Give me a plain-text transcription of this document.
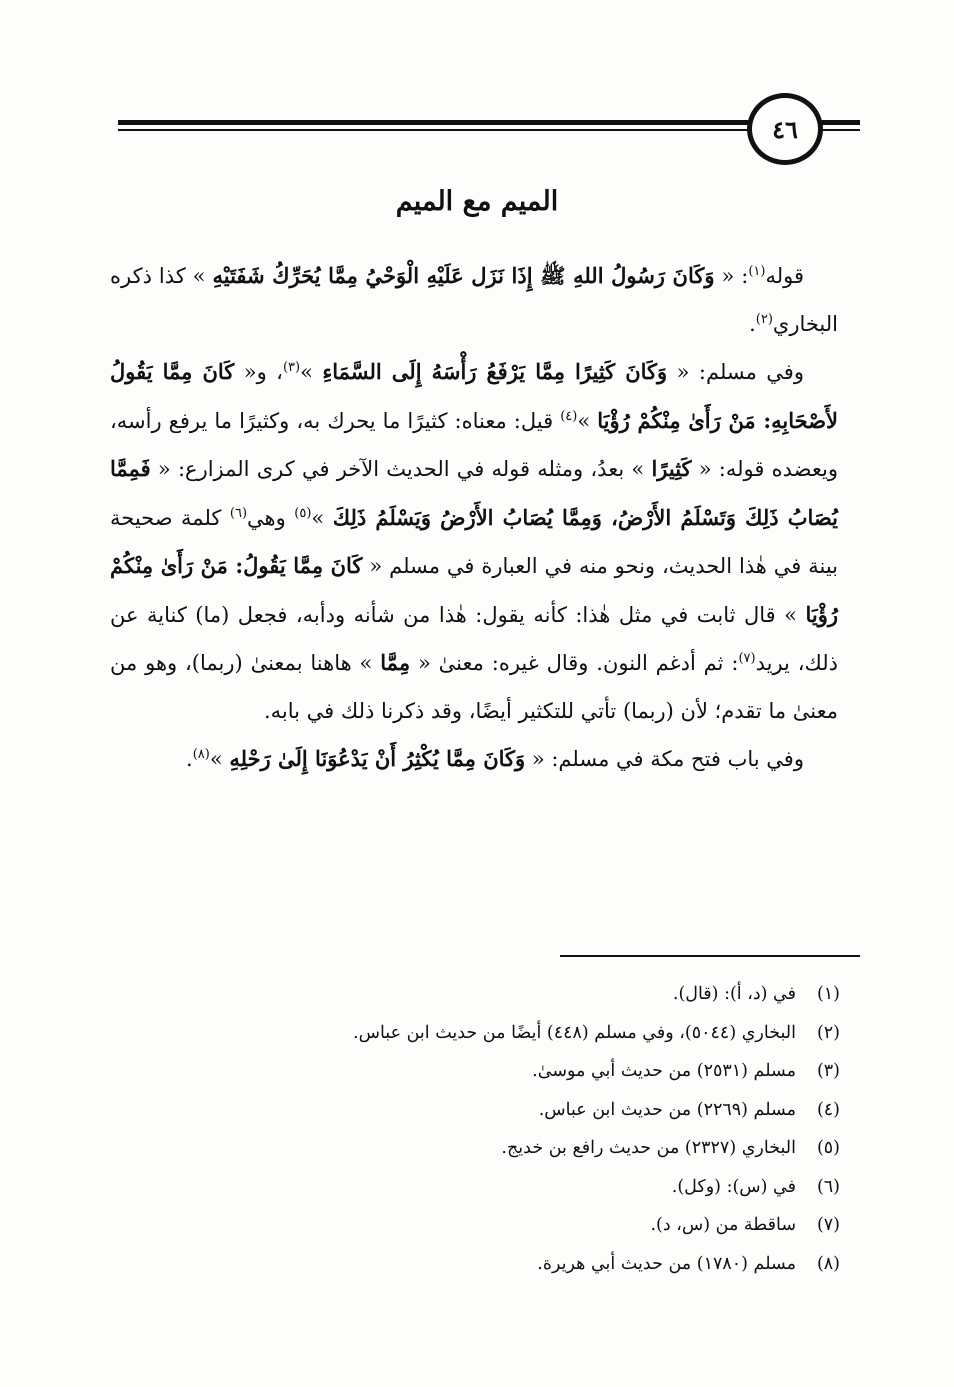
٤٦
الميم مع الميم

قوله$^{(١)}$: « وَكَانَ رَسُولُ اللهِ ﷺ إِذَا نَزَل عَلَيْهِ الْوَحْيُ مِمَّا يُحَرِّكُ شَفَتَيْهِ » كذا ذكره البخاري$^{(٢)}$.

وفي مسلم: « وَكَانَ كَثِيرًا مِمَّا يَرْفَعُ رَأْسَهُ إِلَى السَّمَاءِ »$^{(٣)}$، و« كَانَ مِمَّا يَقُولُ لأَصْحَابِهِ: مَنْ رَأَىٰ مِنْكُمْ رُؤْيَا »$^{(٤)}$ قيل: معناه: كثيرًا ما يحرك به، وكثيرًا ما يرفع رأسه، ويعضده قوله: « كَثِيرًا » بعدُ، ومثله قوله في الحديث الآخر في كرى المزارع: « فَمِمَّا يُصَابُ ذَلِكَ وَتَسْلَمُ الأَرْضُ، وَمِمَّا يُصَابُ الأَرْضُ وَيَسْلَمُ ذَلِكَ »$^{(٥)}$ وهي$^{(٦)}$ كلمة صحيحة بينة في هٰذا الحديث، ونحو منه في العبارة في مسلم « كَانَ مِمَّا يَقُولُ: مَنْ رَأَىٰ مِنْكُمْ رُؤْيَا » قال ثابت في مثل هٰذا: كأنه يقول: هٰذا من شأنه ودأبه، فجعل (ما) كناية عن ذلك، يريد$^{(٧)}$: ثم أدغم النون. وقال غيره: معنىٰ « مِمَّا » هاهنا بمعنىٰ (ربما)، وهو من معنىٰ ما تقدم؛ لأن (ربما) تأتي للتكثير أيضًا، وقد ذكرنا ذلك في بابه.

وفي باب فتح مكة في مسلم: « وَكَانَ مِمَّا يُكْثِرُ أَنْ يَدْعُوَنَا إِلَىٰ رَحْلِهِ »$^{(٨)}$.

(١)
في (د، أ): (قال).
(٢)
البخاري (٥٠٤٤)، وفي مسلم (٤٤٨) أيضًا من حديث ابن عباس.
(٣)
مسلم (٢٥٣١) من حديث أبي موسىٰ.
(٤)
مسلم (٢٢٦٩) من حديث ابن عباس.
(٥)
البخاري (٢٣٢٧) من حديث رافع بن خديج.
(٦)
في (س): (وكل).
(٧)
ساقطة من (س، د).
(٨)
مسلم (١٧٨٠) من حديث أبي هريرة.
